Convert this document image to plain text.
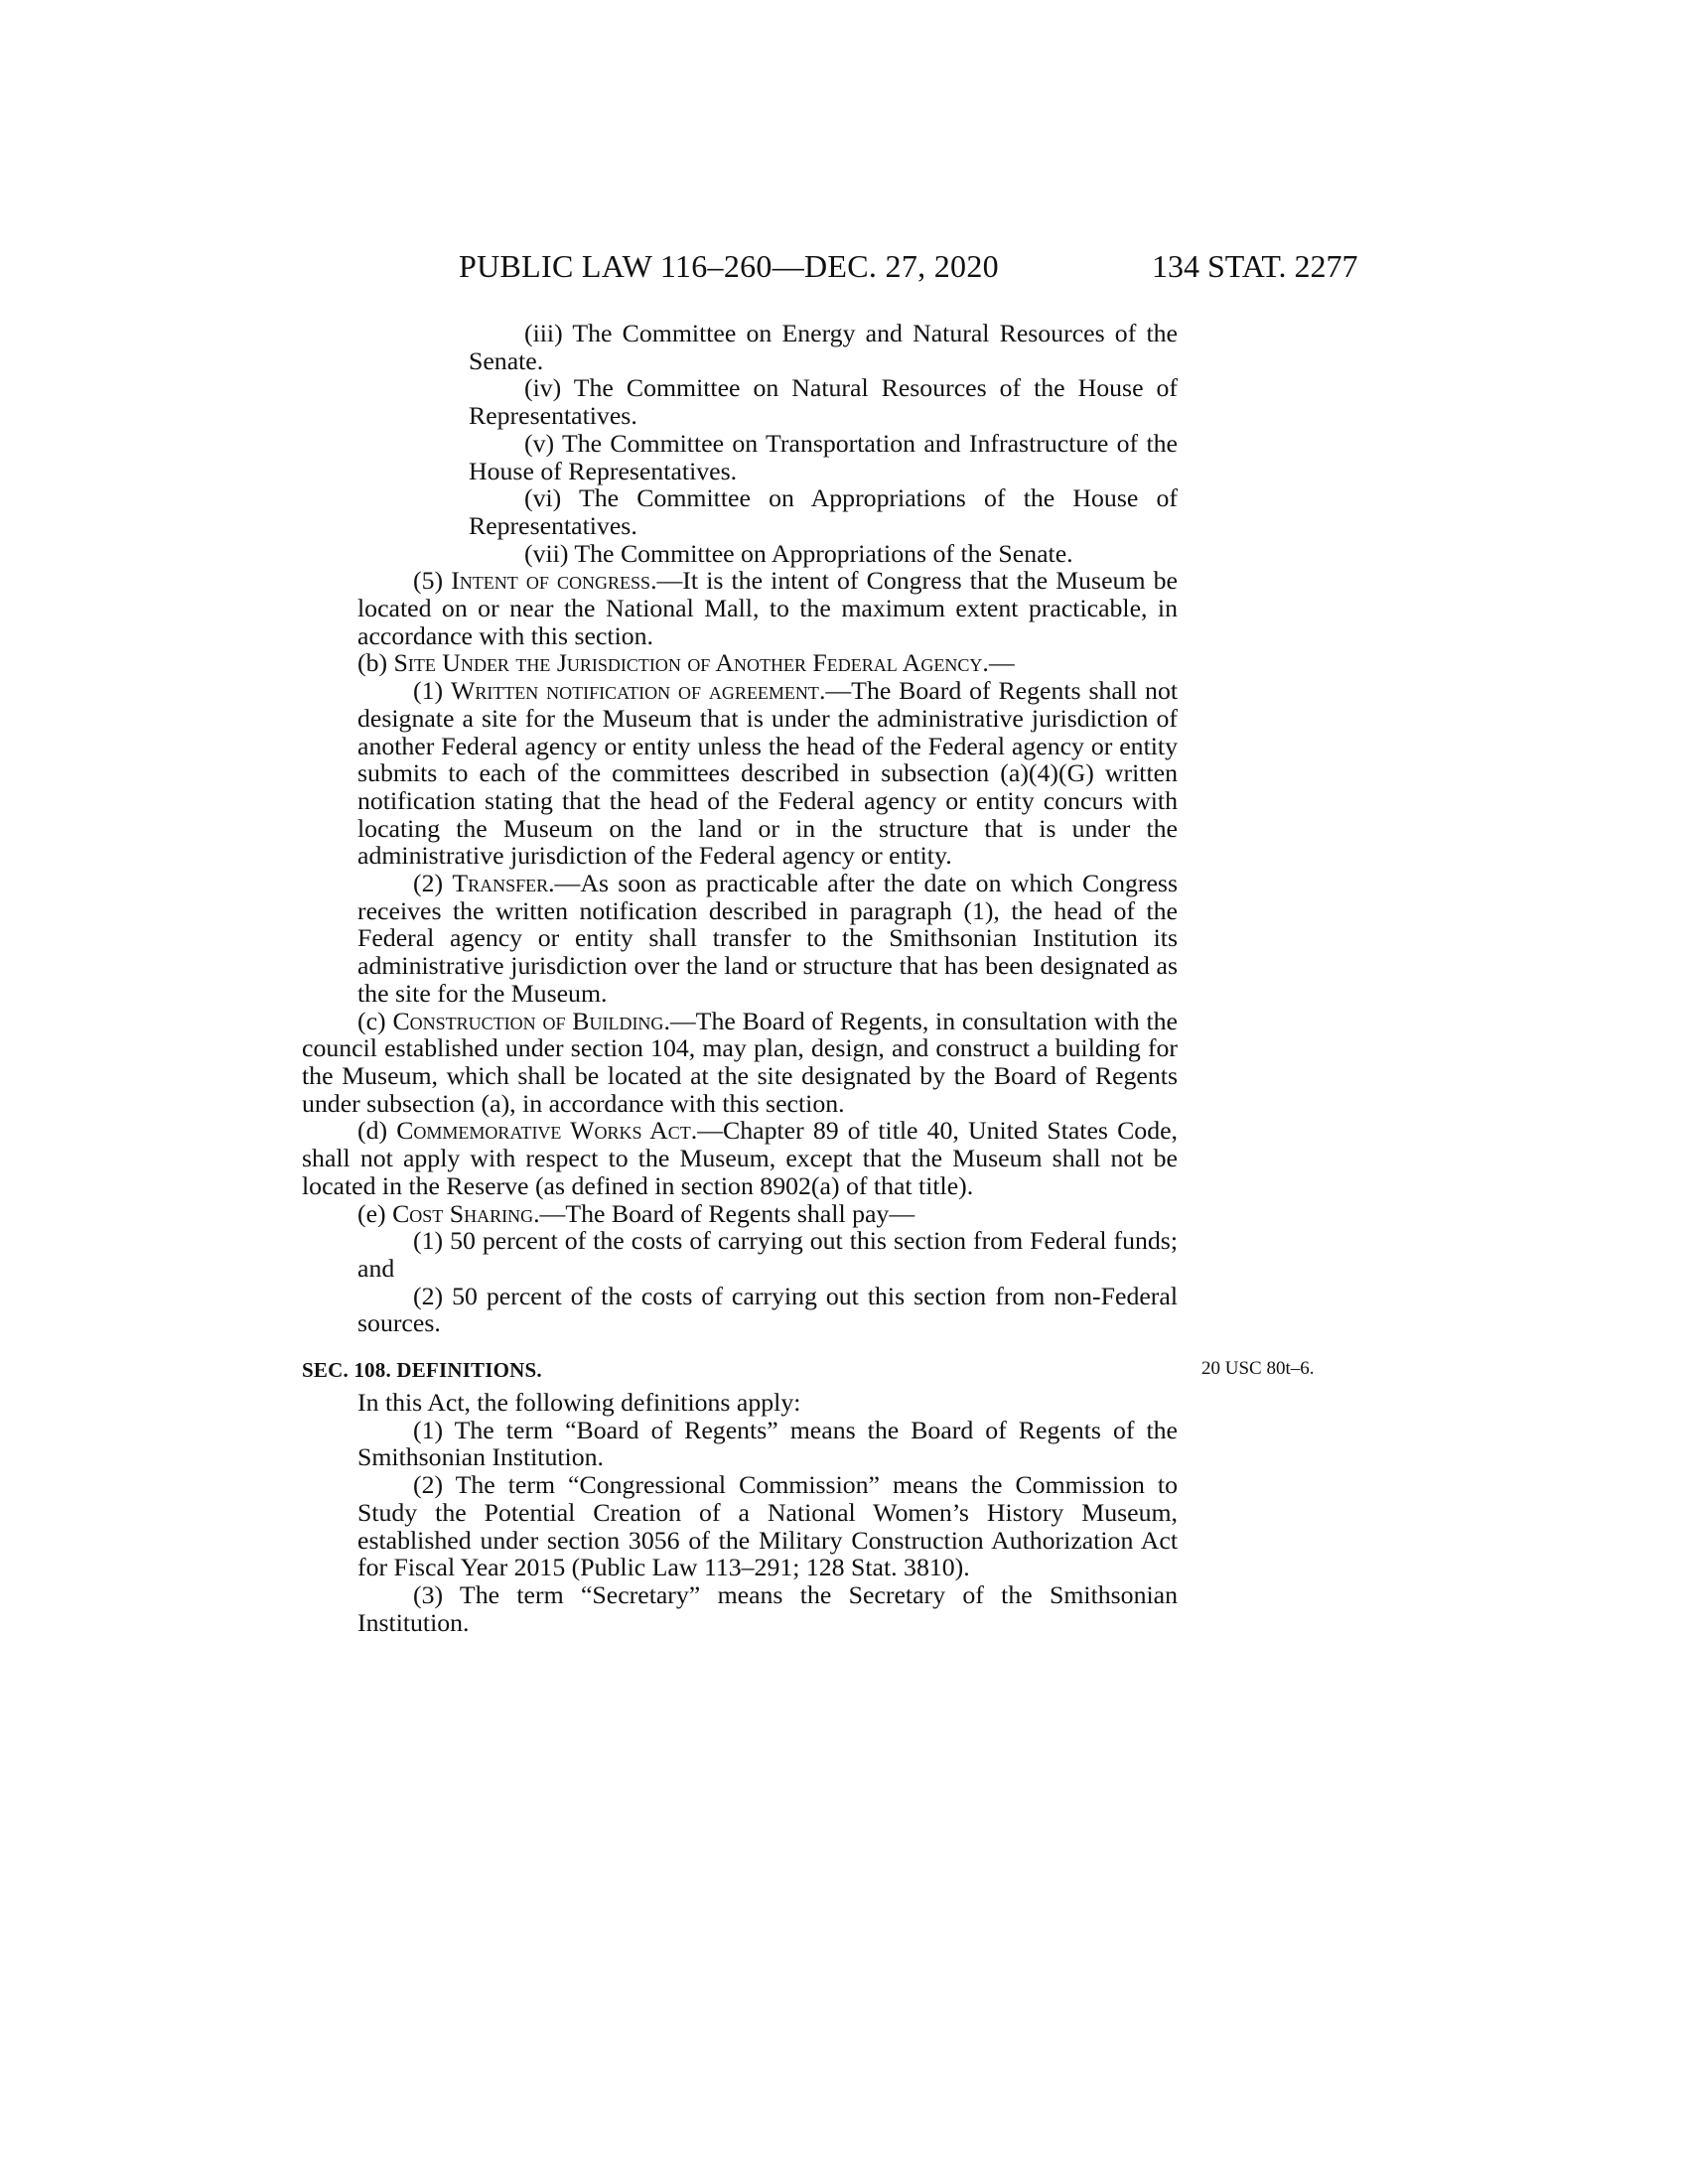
PUBLIC LAW 116–260—DEC. 27, 2020	134 STAT. 2277

(iii) The Committee on Energy and Natural Resources of the Senate.

(iv) The Committee on Natural Resources of the House of Representatives.

(v) The Committee on Transportation and Infrastructure of the House of Representatives.

(vi) The Committee on Appropriations of the House of Representatives.

(vii) The Committee on Appropriations of the Senate.

(5) Intent of congress.—It is the intent of Congress that the Museum be located on or near the National Mall, to the maximum extent practicable, in accordance with this section.

(b) Site Under the Jurisdiction of Another Federal Agency.—

(1) Written notification of agreement.—The Board of Regents shall not designate a site for the Museum that is under the administrative jurisdiction of another Federal agency or entity unless the head of the Federal agency or entity submits to each of the committees described in subsection (a)(4)(G) written notification stating that the head of the Federal agency or entity concurs with locating the Museum on the land or in the structure that is under the administrative jurisdiction of the Federal agency or entity.

(2) Transfer.—As soon as practicable after the date on which Congress receives the written notification described in paragraph (1), the head of the Federal agency or entity shall transfer to the Smithsonian Institution its administrative jurisdiction over the land or structure that has been designated as the site for the Museum.

(c) Construction of Building.—The Board of Regents, in consultation with the council established under section 104, may plan, design, and construct a building for the Museum, which shall be located at the site designated by the Board of Regents under subsection (a), in accordance with this section.

(d) Commemorative Works Act.—Chapter 89 of title 40, United States Code, shall not apply with respect to the Museum, except that the Museum shall not be located in the Reserve (as defined in section 8902(a) of that title).

(e) Cost Sharing.—The Board of Regents shall pay—

(1) 50 percent of the costs of carrying out this section from Federal funds; and

(2) 50 percent of the costs of carrying out this section from non-Federal sources.

SEC. 108. DEFINITIONS.	20 USC 80t–6.

In this Act, the following definitions apply:

(1) The term “Board of Regents” means the Board of Regents of the Smithsonian Institution.

(2) The term “Congressional Commission” means the Commission to Study the Potential Creation of a National Women’s History Museum, established under section 3056 of the Military Construction Authorization Act for Fiscal Year 2015 (Public Law 113–291; 128 Stat. 3810).

(3) The term “Secretary” means the Secretary of the Smithsonian Institution.
